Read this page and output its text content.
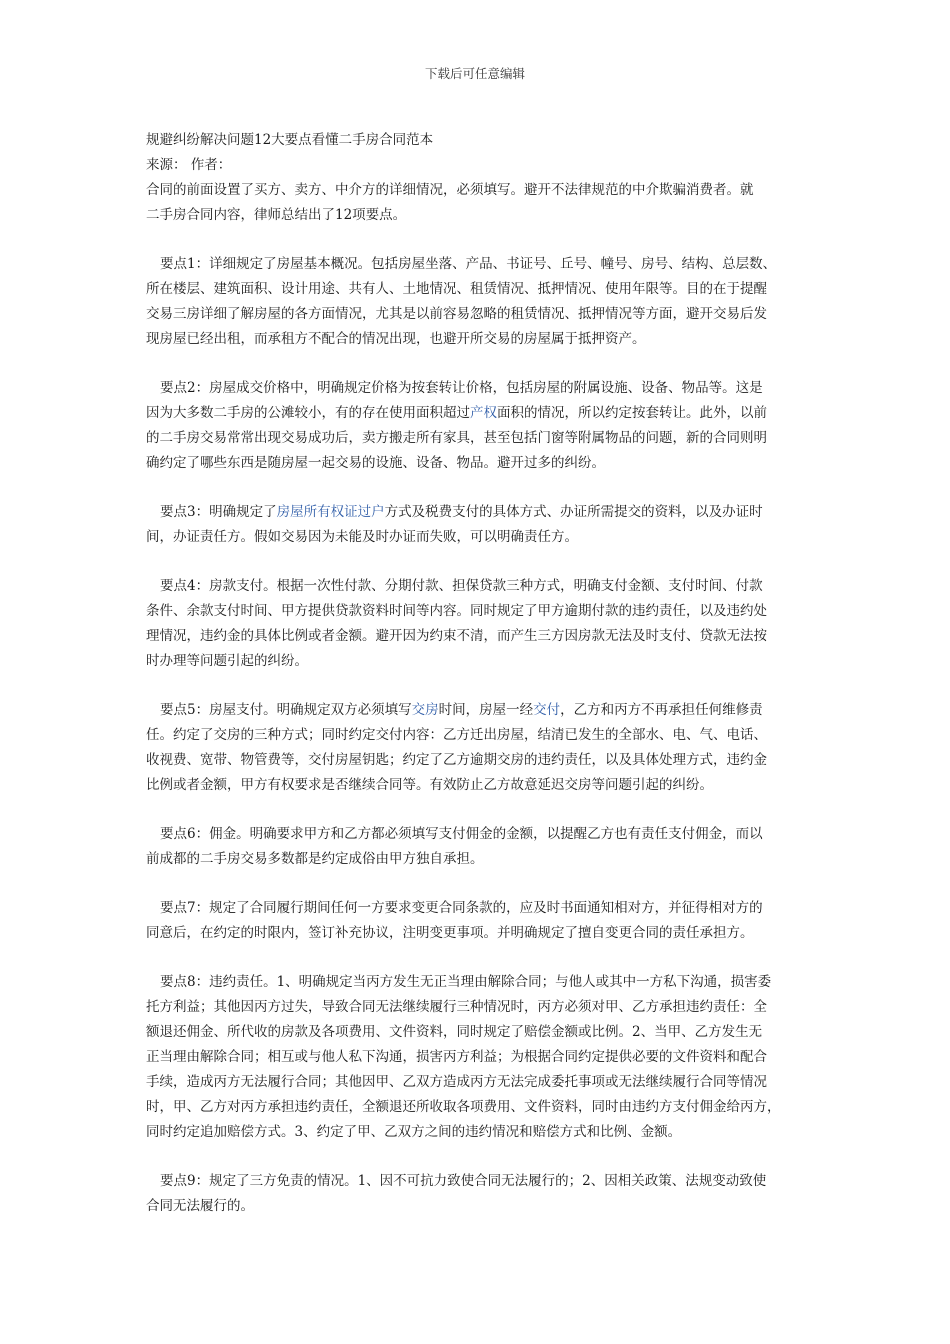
下载后可任意编辑
规避纠纷解决问题12大要点看懂二手房合同范本
来源： 作者：
合同的前面设置了买方、卖方、中介方的详细情况，必须填写。避开不法律规范的中介欺骗消费者。就
二手房合同内容，律师总结出了12项要点。
要点1：详细规定了房屋基本概况。包括房屋坐落、产品、书证号、丘号、幢号、房号、结构、总层数、
所在楼层、建筑面积、设计用途、共有人、土地情况、租赁情况、抵押情况、使用年限等。目的在于提醒
交易三房详细了解房屋的各方面情况，尤其是以前容易忽略的租赁情况、抵押情况等方面，避开交易后发
现房屋已经出租，而承租方不配合的情况出现，也避开所交易的房屋属于抵押资产。
要点2：房屋成交价格中，明确规定价格为按套转让价格，包括房屋的附属设施、设备、物品等。这是
因为大多数二手房的公滩较小，有的存在使用面积超过产权面积的情况，所以约定按套转让。此外，以前
的二手房交易常常出现交易成功后，卖方搬走所有家具，甚至包括门窗等附属物品的问题，新的合同则明
确约定了哪些东西是随房屋一起交易的设施、设备、物品。避开过多的纠纷。
要点3：明确规定了房屋所有权证过户方式及税费支付的具体方式、办证所需提交的资料，以及办证时
间，办证责任方。假如交易因为未能及时办证而失败，可以明确责任方。
要点4：房款支付。根据一次性付款、分期付款、担保贷款三种方式，明确支付金额、支付时间、付款
条件、余款支付时间、甲方提供贷款资料时间等内容。同时规定了甲方逾期付款的违约责任，以及违约处
理情况，违约金的具体比例或者金额。避开因为约束不清，而产生三方因房款无法及时支付、贷款无法按
时办理等问题引起的纠纷。
要点5：房屋支付。明确规定双方必须填写交房时间，房屋一经交付，乙方和丙方不再承担任何维修责
任。约定了交房的三种方式；同时约定交付内容：乙方迁出房屋，结清已发生的全部水、电、气、电话、
收视费、宽带、物管费等，交付房屋钥匙；约定了乙方逾期交房的违约责任，以及具体处理方式，违约金
比例或者金额，甲方有权要求是否继续合同等。有效防止乙方故意延迟交房等问题引起的纠纷。
要点6：佣金。明确要求甲方和乙方都必须填写支付佣金的金额，以提醒乙方也有责任支付佣金，而以
前成都的二手房交易多数都是约定成俗由甲方独自承担。
要点7：规定了合同履行期间任何一方要求变更合同条款的，应及时书面通知相对方，并征得相对方的
同意后，在约定的时限内，签订补充协议，注明变更事项。并明确规定了擅自变更合同的责任承担方。
要点8：违约责任。1、明确规定当丙方发生无正当理由解除合同；与他人或其中一方私下沟通，损害委
托方利益；其他因丙方过失，导致合同无法继续履行三种情况时，丙方必须对甲、乙方承担违约责任：全
额退还佣金、所代收的房款及各项费用、文件资料，同时规定了赔偿金额或比例。2、当甲、乙方发生无
正当理由解除合同；相互或与他人私下沟通，损害丙方利益；为根据合同约定提供必要的文件资料和配合
手续，造成丙方无法履行合同；其他因甲、乙双方造成丙方无法完成委托事项或无法继续履行合同等情况
时，甲、乙方对丙方承担违约责任，全额退还所收取各项费用、文件资料，同时由违约方支付佣金给丙方，
同时约定追加赔偿方式。3、约定了甲、乙双方之间的违约情况和赔偿方式和比例、金额。
要点9：规定了三方免责的情况。1、因不可抗力致使合同无法履行的；2、因相关政策、法规变动致使
合同无法履行的。
